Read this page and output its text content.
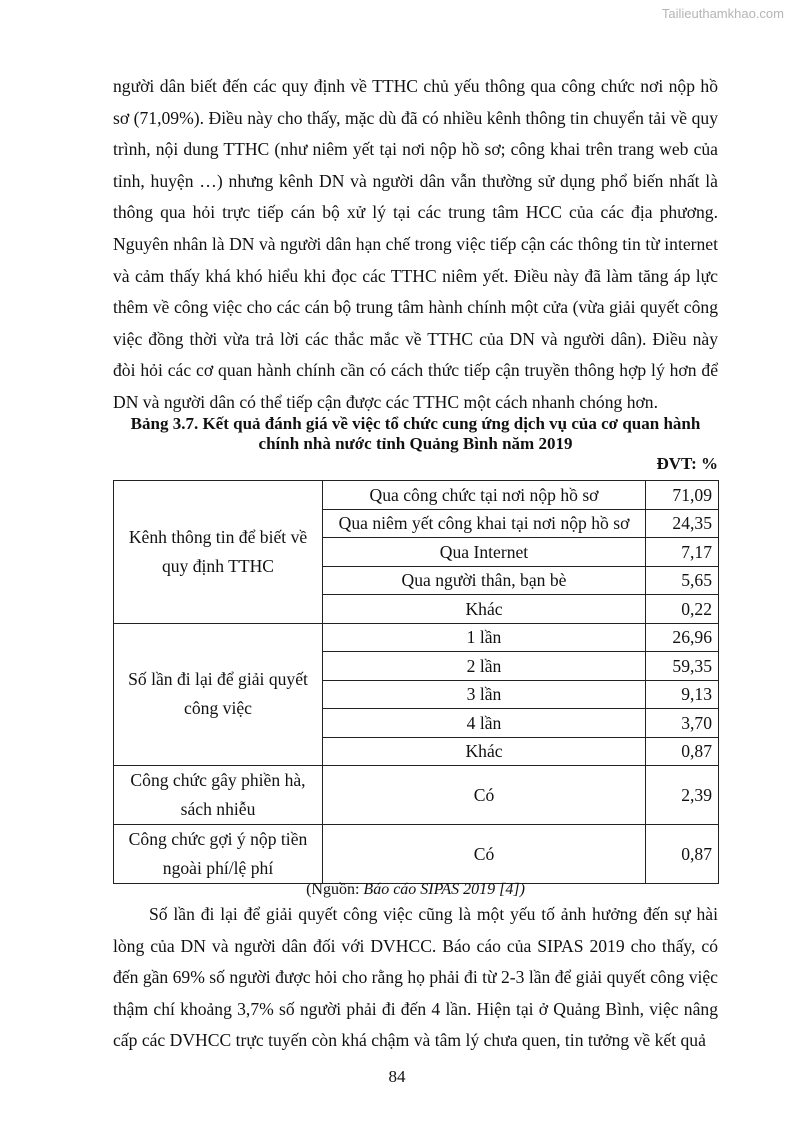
Tailieuthamkhao.com
người dân biết đến các quy định về TTHC chủ yếu thông qua công chức nơi nộp hồ sơ (71,09%). Điều này cho thấy, mặc dù đã có nhiều kênh thông tin chuyển tải về quy trình, nội dung TTHC (như niêm yết tại nơi nộp hồ sơ; công khai trên trang web của tỉnh, huyện …) nhưng kênh DN và người dân vẫn thường sử dụng phổ biến nhất là thông qua hỏi trực tiếp cán bộ xử lý tại các trung tâm HCC của các địa phương. Nguyên nhân là DN và người dân hạn chế trong việc tiếp cận các thông tin từ internet và cảm thấy khá khó hiểu khi đọc các TTHC niêm yết. Điều này đã làm tăng áp lực thêm về công việc cho các cán bộ trung tâm hành chính một cửa (vừa giải quyết công việc đồng thời vừa trả lời các thắc mắc về TTHC của DN và người dân). Điều này đòi hỏi các cơ quan hành chính cần có cách thức tiếp cận truyền thông hợp lý hơn để DN và người dân có thể tiếp cận được các TTHC một cách nhanh chóng hơn.
Bảng 3.7. Kết quả đánh giá về việc tổ chức cung ứng dịch vụ của cơ quan hành
chính nhà nước tỉnh Quảng Bình năm 2019
ĐVT: %
Kênh thông tin để biết về quy định TTHC	Qua công chức tại nơi nộp hồ sơ	71,09
	Qua niêm yết công khai tại nơi nộp hồ sơ	24,35
	Qua Internet	7,17
	Qua người thân, bạn bè	5,65
	Khác	0,22
Số lần đi lại để giải quyết công việc	1 lần	26,96
	2 lần	59,35
	3 lần	9,13
	4 lần	3,70
	Khác	0,87
Công chức gây phiền hà, sách nhiễu	Có	2,39
Công chức gợi ý nộp tiền ngoài phí/lệ phí	Có	0,87
(Nguồn: Báo cáo SIPAS 2019 [4])
Số lần đi lại để giải quyết công việc cũng là một yếu tố ảnh hưởng đến sự hài lòng của DN và người dân đối với DVHCC. Báo cáo của SIPAS 2019 cho thấy, có đến gần 69% số người được hỏi cho rằng họ phải đi từ 2-3 lần để giải quyết công việc thậm chí khoảng 3,7% số người phải đi đến 4 lần. Hiện tại ở Quảng Bình, việc nâng cấp các DVHCC trực tuyến còn khá chậm và tâm lý chưa quen, tin tưởng về kết quả
84
